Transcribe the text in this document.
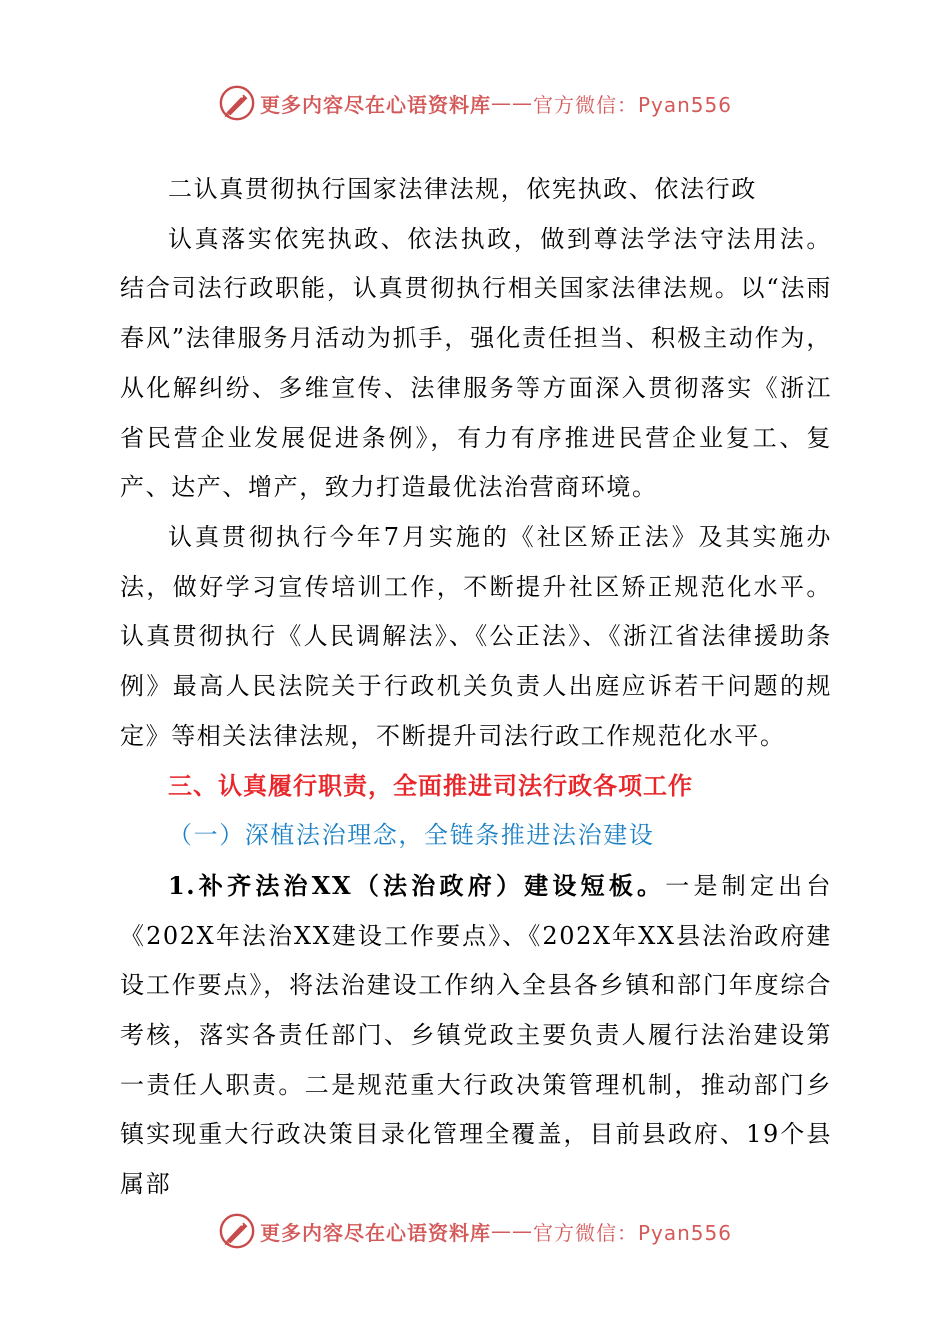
更多内容尽在心语资料库 —— 官方微信：Pyan556

二认真贯彻执行国家法律法规，依宪执政、依法行政

认真落实依宪执政、依法执政，做到尊法学法守法用法。结合司法行政职能，认真贯彻执行相关国家法律法规。以“法雨春风”法律服务月活动为抓手，强化责任担当、积极主动作为，从化解纠纷、多维宣传、法律服务等方面深入贯彻落实《浙江省民营企业发展促进条例》，有力有序推进民营企业复工、复产、达产、增产，致力打造最优法治营商环境。

认真贯彻执行今年7月实施的《社区矫正法》及其实施办法，做好学习宣传培训工作，不断提升社区矫正规范化水平。认真贯彻执行《人民调解法》、《公正法》、《浙江省法律援助条例》最高人民法院关于行政机关负责人出庭应诉若干问题的规定》等相关法律法规，不断提升司法行政工作规范化水平。

三、认真履行职责，全面推进司法行政各项工作

（一）深植法治理念，全链条推进法治建设

1.补齐法治XX（法治政府）建设短板。一是制定出台《202X年法治XX建设工作要点》、《202X年XX县法治政府建设工作要点》，将法治建设工作纳入全县各乡镇和部门年度综合考核，落实各责任部门、乡镇党政主要负责人履行法治建设第一责任人职责。二是规范重大行政决策管理机制，推动部门乡镇实现重大行政决策目录化管理全覆盖，目前县政府、19个县属部

更多内容尽在心语资料库 —— 官方微信：Pyan556
